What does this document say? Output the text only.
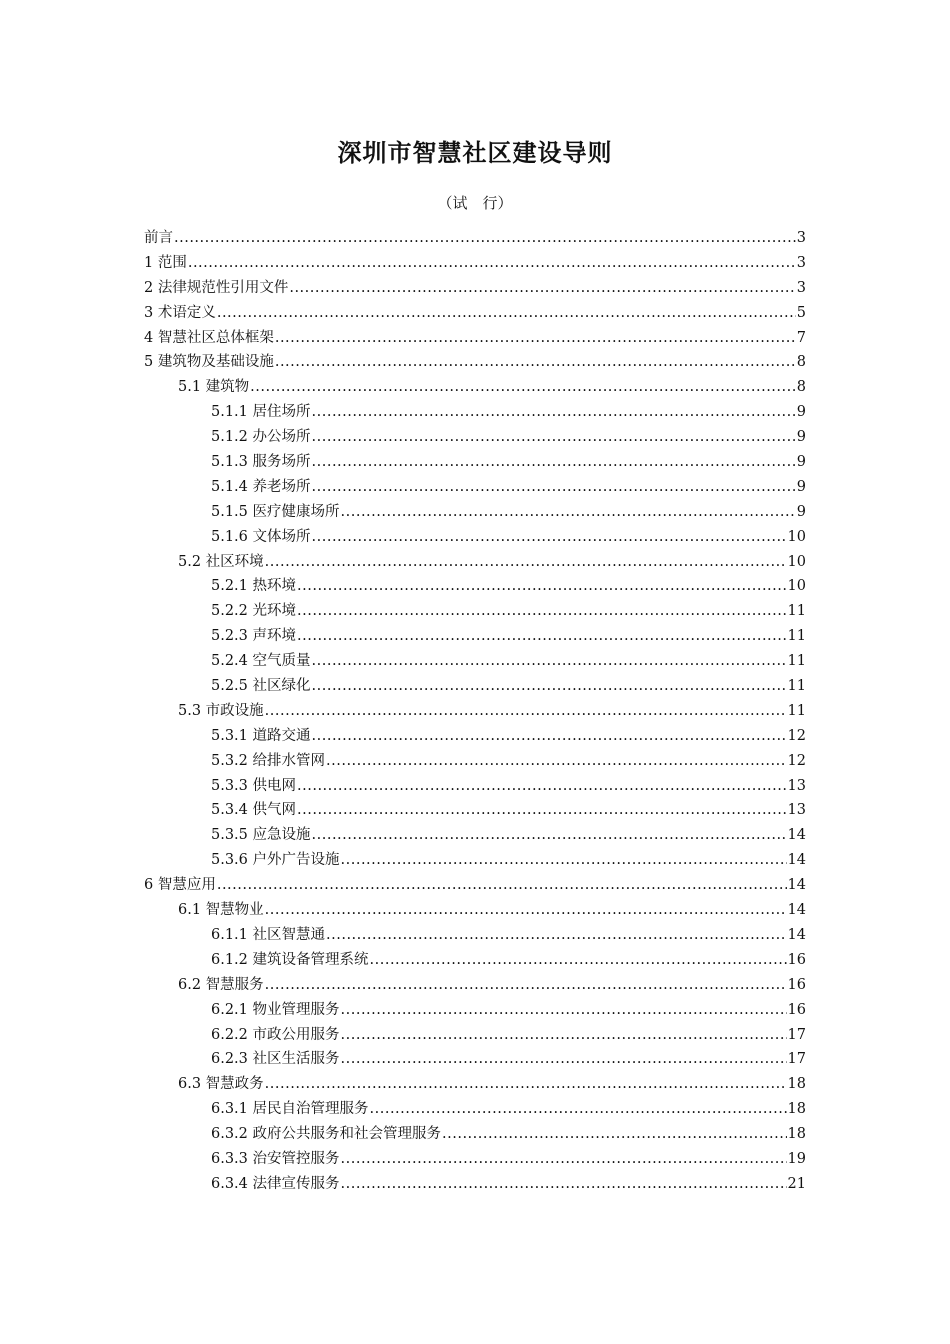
深圳市智慧社区建设导则
（试　行）
前言 .....	3
1 范围 .....	3
2 法律规范性引用文件 .....	3
3 术语定义 .....	5
4 智慧社区总体框架 .....	7
5 建筑物及基础设施 .....	8
5.1 建筑物 .....	8
5.1.1 居住场所 .....	9
5.1.2 办公场所 .....	9
5.1.3 服务场所 .....	9
5.1.4 养老场所 .....	9
5.1.5 医疗健康场所 .....	9
5.1.6 文体场所 .....	10
5.2 社区环境 .....	10
5.2.1 热环境 .....	10
5.2.2 光环境 .....	11
5.2.3 声环境 .....	11
5.2.4 空气质量 .....	11
5.2.5 社区绿化 .....	11
5.3 市政设施 .....	11
5.3.1 道路交通 .....	12
5.3.2 给排水管网 .....	12
5.3.3 供电网 .....	13
5.3.4 供气网 .....	13
5.3.5 应急设施 .....	14
5.3.6 户外广告设施 .....	14
6 智慧应用 .....	14
6.1 智慧物业 .....	14
6.1.1 社区智慧通 .....	14
6.1.2 建筑设备管理系统 .....	16
6.2 智慧服务 .....	16
6.2.1 物业管理服务 .....	16
6.2.2 市政公用服务 .....	17
6.2.3 社区生活服务 .....	17
6.3 智慧政务 .....	18
6.3.1 居民自治管理服务 .....	18
6.3.2 政府公共服务和社会管理服务 .....	18
6.3.3 治安管控服务 .....	19
6.3.4 法律宣传服务 .....	21
